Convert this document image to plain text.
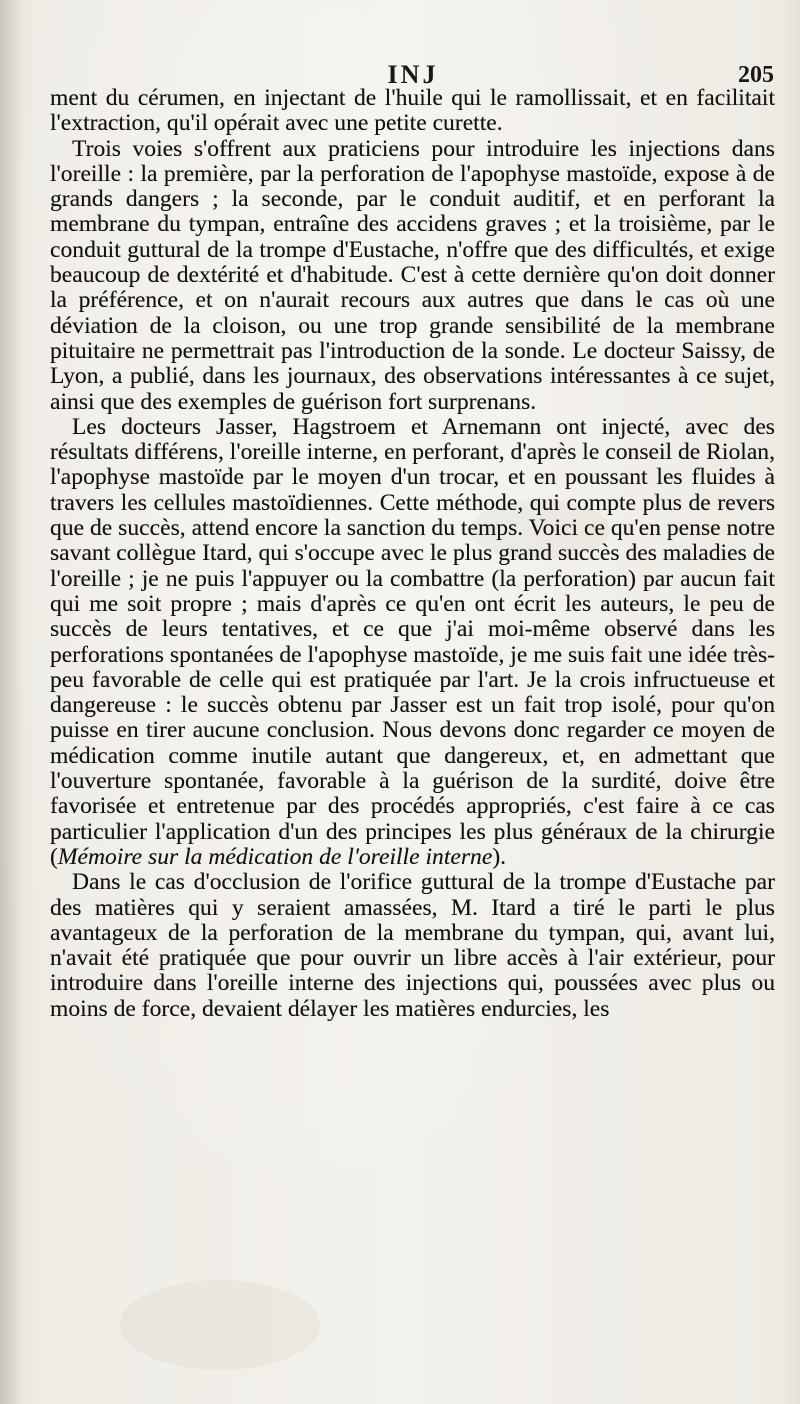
INJ	205

ment du cérumen, en injectant de l'huile qui le ramollissait, et en facilitait l'extraction, qu'il opérait avec une petite curette.

Trois voies s'offrent aux praticiens pour introduire les injections dans l'oreille : la première, par la perforation de l'apophyse mastoïde, expose à de grands dangers ; la seconde, par le conduit auditif, et en perforant la membrane du tympan, entraîne des accidens graves ; et la troisième, par le conduit guttural de la trompe d'Eustache, n'offre que des difficultés, et exige beaucoup de dextérité et d'habitude. C'est à cette dernière qu'on doit donner la préférence, et on n'aurait recours aux autres que dans le cas où une déviation de la cloison, ou une trop grande sensibilité de la membrane pituitaire ne permettrait pas l'introduction de la sonde. Le docteur Saissy, de Lyon, a publié, dans les journaux, des observations intéressantes à ce sujet, ainsi que des exemples de guérison fort surprenans.

Les docteurs Jasser, Hagstroem et Arnemann ont injecté, avec des résultats différens, l'oreille interne, en perforant, d'après le conseil de Riolan, l'apophyse mastoïde par le moyen d'un trocar, et en poussant les fluides à travers les cellules mastoïdiennes. Cette méthode, qui compte plus de revers que de succès, attend encore la sanction du temps. Voici ce qu'en pense notre savant collègue Itard, qui s'occupe avec le plus grand succès des maladies de l'oreille ; je ne puis l'appuyer ou la combattre (la perforation) par aucun fait qui me soit propre ; mais d'après ce qu'en ont écrit les auteurs, le peu de succès de leurs tentatives, et ce que j'ai moi-même observé dans les perforations spontanées de l'apophyse mastoïde, je me suis fait une idée très-peu favorable de celle qui est pratiquée par l'art. Je la crois infructueuse et dangereuse : le succès obtenu par Jasser est un fait trop isolé, pour qu'on puisse en tirer aucune conclusion. Nous devons donc regarder ce moyen de médication comme inutile autant que dangereux, et, en admettant que l'ouverture spontanée, favorable à la guérison de la surdité, doive être favorisée et entretenue par des procédés appropriés, c'est faire à ce cas particulier l'application d'un des principes les plus généraux de la chirurgie (Mémoire sur la médication de l'oreille interne).

Dans le cas d'occlusion de l'orifice guttural de la trompe d'Eustache par des matières qui y seraient amassées, M. Itard a tiré le parti le plus avantageux de la perforation de la membrane du tympan, qui, avant lui, n'avait été pratiquée que pour ouvrir un libre accès à l'air extérieur, pour introduire dans l'oreille interne des injections qui, poussées avec plus ou moins de force, devaient délayer les matières endurcies, les
